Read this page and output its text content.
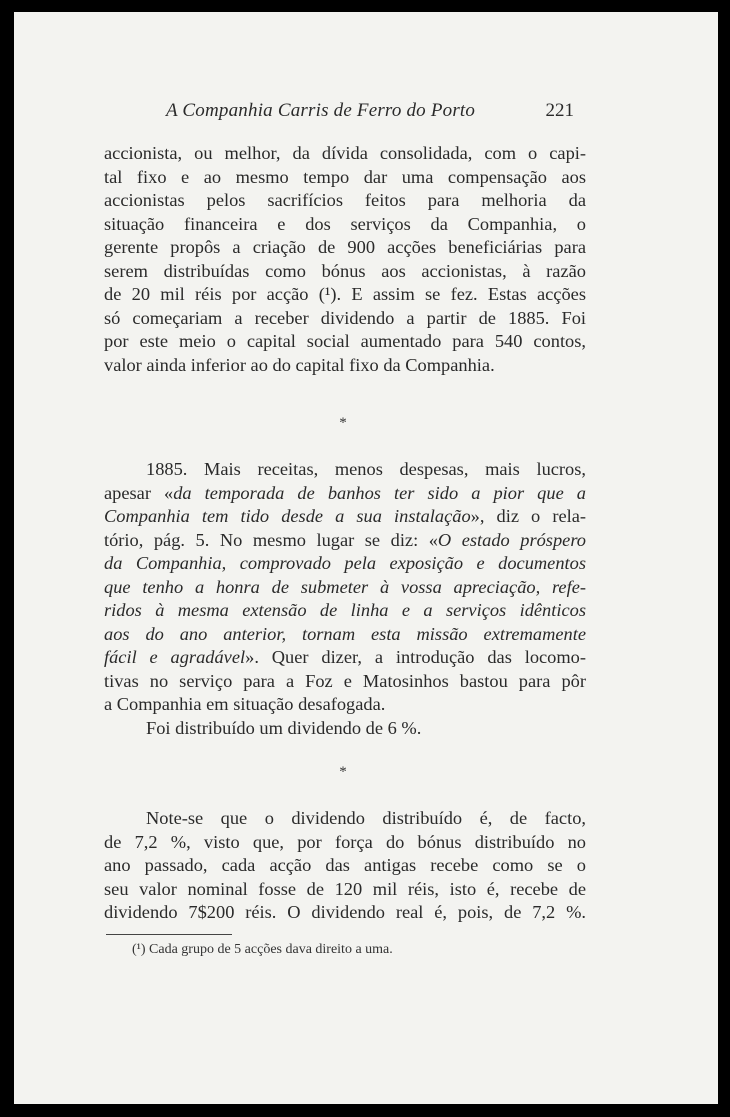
A Companhia Carris de Ferro do Porto	221
accionista, ou melhor, da dívida consolidada, com o capi-
tal fixo e ao mesmo tempo dar uma compensação aos
accionistas pelos sacrifícios feitos para melhoria da
situação financeira e dos serviços da Companhia, o
gerente propôs a criação de 900 acções beneficiárias para
serem distribuídas como bónus aos accionistas, à razão
de 20 mil réis por acção (¹). E assim se fez. Estas acções
só começariam a receber dividendo a partir de 1885. Foi
por este meio o capital social aumentado para 540 contos,
valor ainda inferior ao do capital fixo da Companhia.
*
1885. Mais receitas, menos despesas, mais lucros,
apesar «da temporada de banhos ter sido a pior que a
Companhia tem tido desde a sua instalação», diz o rela-
tório, pág. 5. No mesmo lugar se diz: «O estado próspero
da Companhia, comprovado pela exposição e documentos
que tenho a honra de submeter à vossa apreciação, refe-
ridos à mesma extensão de linha e a serviços idênticos
aos do ano anterior, tornam esta missão extremamente
fácil e agradável». Quer dizer, a introdução das locomo-
tivas no serviço para a Foz e Matosinhos bastou para pôr
a Companhia em situação desafogada.
Foi distribuído um dividendo de 6 %.
*
Note-se que o dividendo distribuído é, de facto,
de 7,2 %, visto que, por força do bónus distribuído no
ano passado, cada acção das antigas recebe como se o
seu valor nominal fosse de 120 mil réis, isto é, recebe de
dividendo 7$200 réis. O dividendo real é, pois, de 7,2 %.
(¹) Cada grupo de 5 acções dava direito a uma.
